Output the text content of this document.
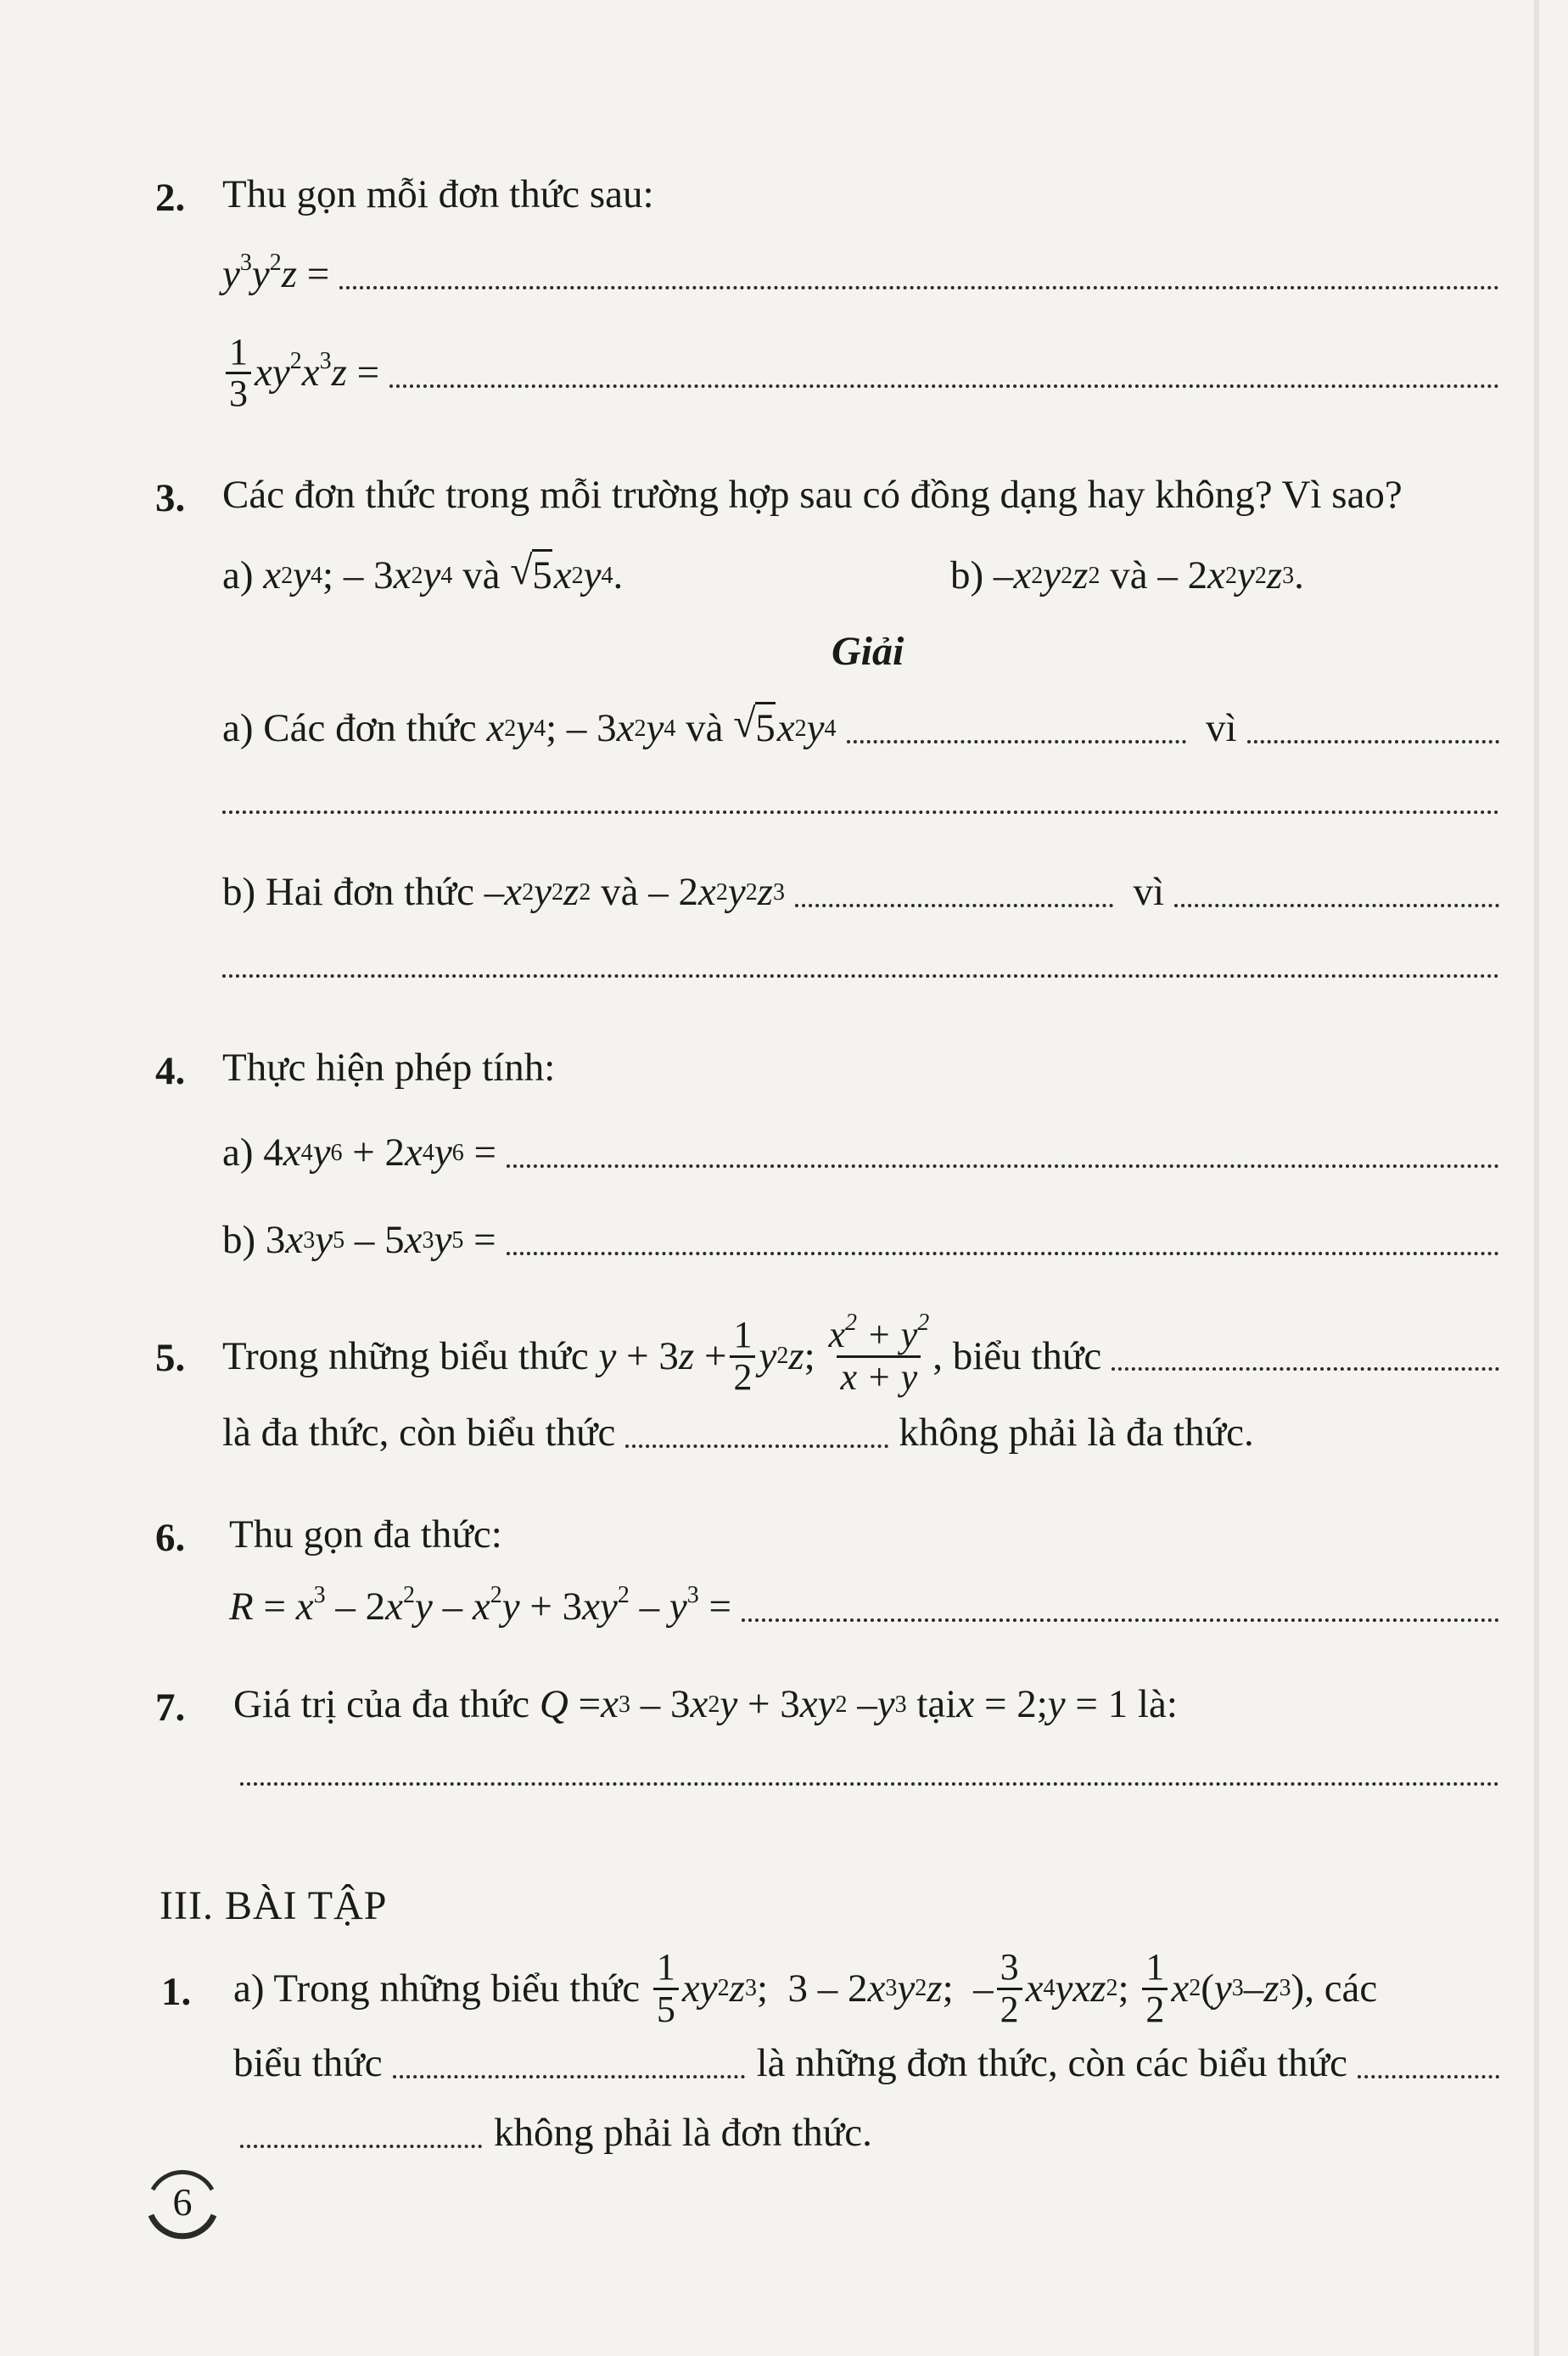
2. Thu gọn mỗi đơn thức sau:
$y^3y^2z$ =
$\frac{1}{3} xy^2x^3z$ =
3. Các đơn thức trong mỗi trường hợp sau có đồng dạng hay không? Vì sao?
a)
x 2 y 4 ; – 3 x 2 y 4
và
√ 5 x 2 y 4 .	b) – x 2 y 2 z 2
và – 2 x 2 y 2 z 3 .
Giải
a) Các đơn thức
x 2 y 4 ; – 3 x 2 y 4
và
√ 5 x 2 y 4
	vì
b) Hai đơn thức – x 2 y 2 z 2
và – 2 x 2 y 2 z 3
	vì
4. Thực hiện phép tính:
a) 4 x 4 y 6 + 2 x 4 y 6 =
b) 3 x 3 y 5 – 5 x 3 y 5 =
5. Trong những biểu thức
y + 3 $z + \frac{1}{2}$ y 2 z ; $\frac{x^2 + y^2}{x + y}$ , biểu thức
là đa thức, còn biểu thức	không phải là đa thức.
6. Thu gọn đa thức:
$R = x^3 - 2x^2y - x^2y + 3xy^2 - y^3$ =
7. Giá trị của đa thức
Q = x 3 – 3 x 2 y + 3 xy 2 – y 3 tại x = 2; y = 1 là:
III. BÀI TẬP
1. a) Trong những biểu thức
$\frac{1}{5}$ xy 2 z 3 ;  3 – 2 x 3 y 2 z ;  – $\frac{3}{2}$ x 4 yxz 2 ; $\frac{1}{2}$ x 2 ( y 3 – z 3 ) , các
biểu thức	là những đơn thức, còn các biểu thức
không phải là đơn thức.
6
